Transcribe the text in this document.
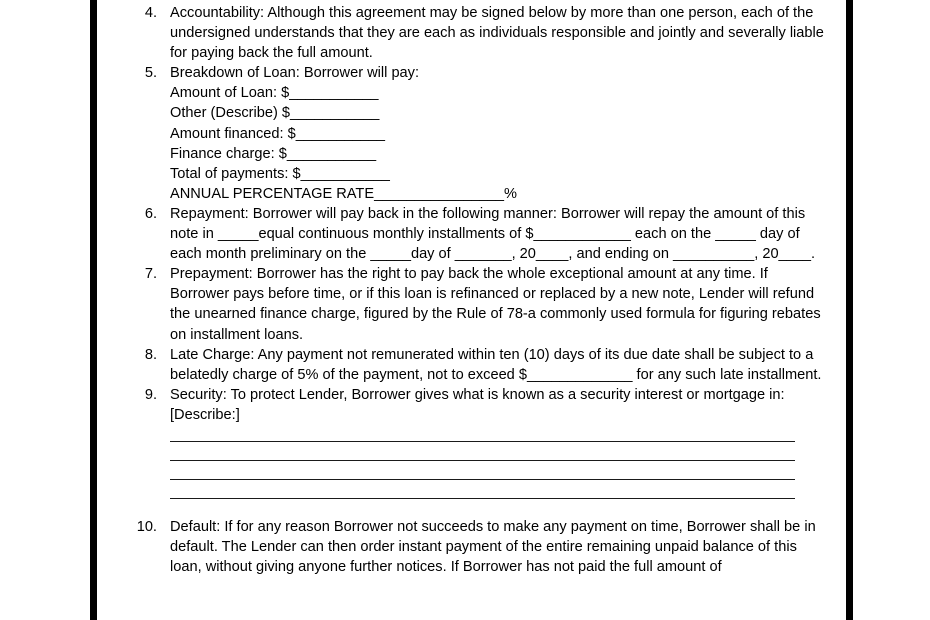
4. Accountability: Although this agreement may be signed below by more than one person, each of the undersigned understands that they are each as individuals responsible and jointly and severally liable for paying back the full amount.
5. Breakdown of Loan: Borrower will pay:
Amount of Loan: $___________
Other (Describe) $___________
Amount financed: $___________
Finance charge: $___________
Total of payments: $___________
ANNUAL PERCENTAGE RATE________________%
6. Repayment: Borrower will pay back in the following manner: Borrower will repay the amount of this note in _____equal continuous monthly installments of $____________ each on the _____ day of each month preliminary on the _____day of _______, 20____, and ending on __________, 20____.
7. Prepayment: Borrower has the right to pay back the whole exceptional amount at any time. If Borrower pays before time, or if this loan is refinanced or replaced by a new note, Lender will refund the unearned finance charge, figured by the Rule of 78-a commonly used formula for figuring rebates on installment loans.
8. Late Charge: Any payment not remunerated within ten (10) days of its due date shall be subject to a belatedly charge of 5% of the payment, not to exceed $_____________ for any such late installment.
9. Security: To protect Lender, Borrower gives what is known as a security interest or mortgage in: [Describe:]
10. Default: If for any reason Borrower not succeeds to make any payment on time, Borrower shall be in default. The Lender can then order instant payment of the entire remaining unpaid balance of this loan, without giving anyone further notices. If Borrower has not paid the full amount of
